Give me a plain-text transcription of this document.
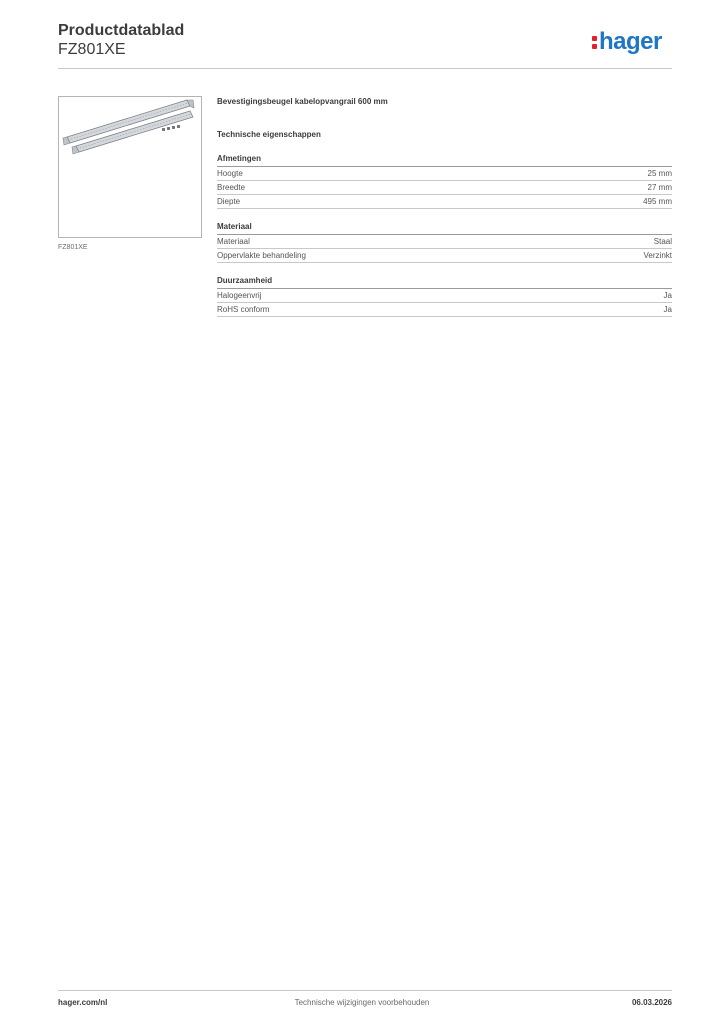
Productdatablad
FZ801XE	hager
FZ801XE
Bevestigingsbeugel kabelopvangrail 600 mm
Technische eigenschappen
Afmetingen
Hoogte	25 mm
Breedte	27 mm
Diepte	495 mm
Materiaal
Materiaal	Staal
Oppervlakte behandeling	Verzinkt
Duurzaamheid
Halogeenvrij	Ja
RoHS conform	Ja
hager.com/nl	Technische wijzigingen voorbehouden	06.03.2026
